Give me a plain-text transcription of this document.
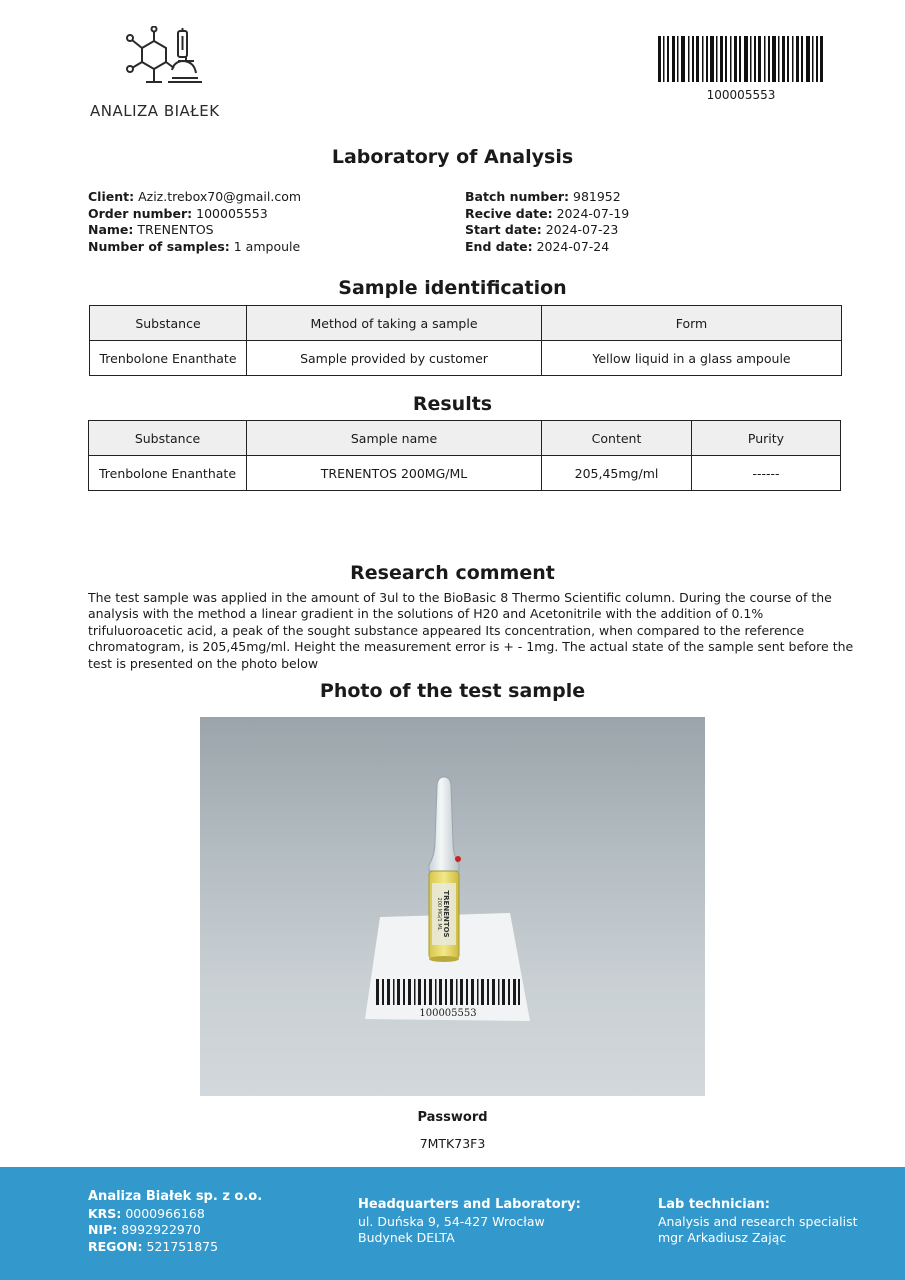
ANALIZA BIAŁEK
100005553
Laboratory of Analysis
Client: Aziz.trebox70@gmail.com
Order number: 100005553
Name: TRENENTOS
Number of samples: 1 ampoule
Batch number: 981952
Recive date: 2024-07-19
Start date: 2024-07-23
End date: 2024-07-24
Sample identification
Substance	Method of taking a sample	Form
Trenbolone Enanthate	Sample provided by customer	Yellow liquid in a glass ampoule
Results
Substance	Sample name	Content	Purity
Trenbolone Enanthate	TRENENTOS 200MG/ML	205,45mg/ml	------
Research comment
The test sample was applied in the amount of 3ul to the BioBasic 8 Thermo Scientific column. During the course of the analysis with the method a linear gradient in the solutions of H20 and Acetonitrile with the addition of 0.1% trifuluoroacetic acid, a peak of the sought substance appeared Its concentration, when compared to the reference chromatogram, is 205,45mg/ml. Height the measurement error is + - 1mg. The actual state of the sample sent before the test is presented on the photo below
Photo of the test sample
100005553
TRENENTOS
200 MG/1 ML
Password
7MTK73F3
Analiza Białek sp. z o.o.
KRS: 0000966168
NIP: 8992922970
REGON: 521751875
Headquarters and Laboratory:
ul. Duńska 9, 54-427 Wrocław
Budynek DELTA
Lab technician:
Analysis and research specialist
mgr Arkadiusz Zając
